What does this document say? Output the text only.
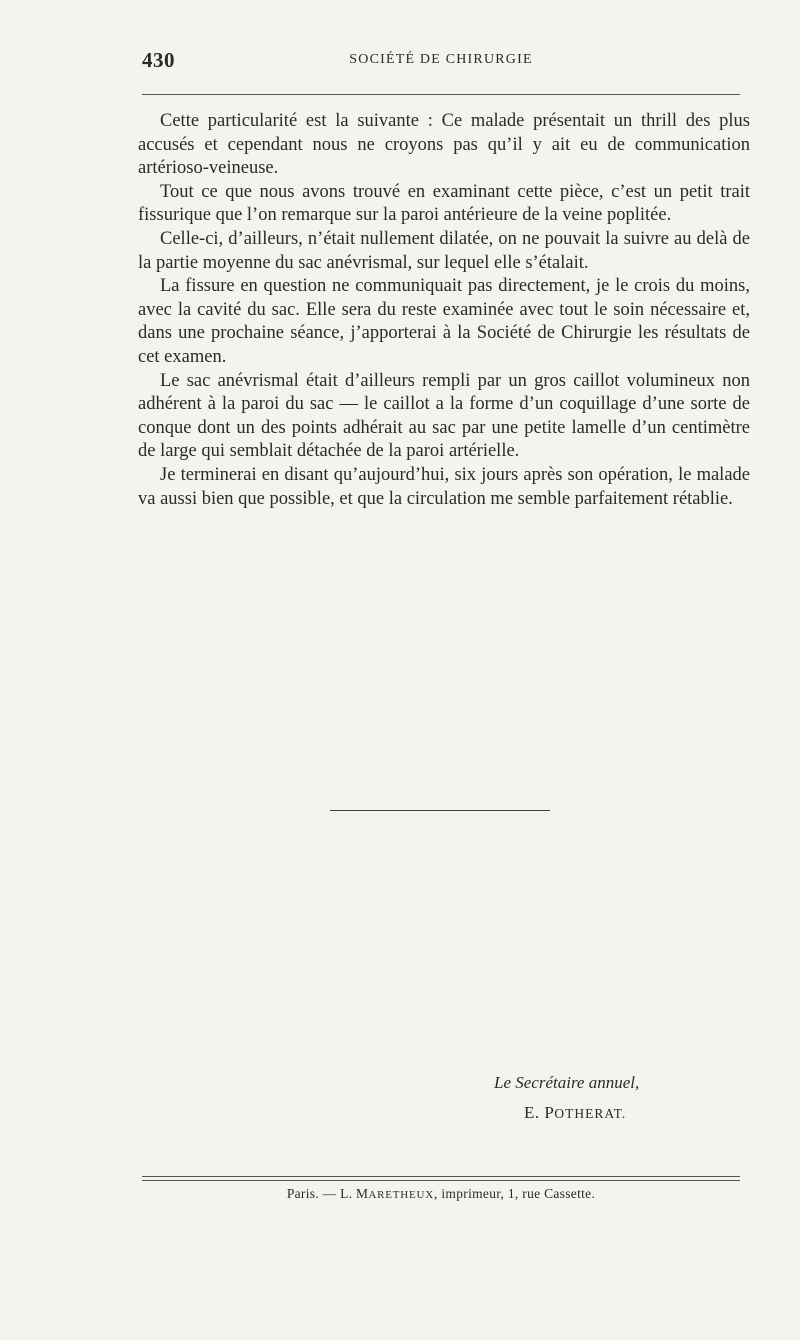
430	SOCIÉTÉ DE CHIRURGIE

Cette particularité est la suivante : Ce malade présentait un thrill des plus accusés et cependant nous ne croyons pas qu’il y ait eu de communication artérioso-veineuse.

Tout ce que nous avons trouvé en examinant cette pièce, c’est un petit trait fissurique que l’on remarque sur la paroi antérieure de la veine poplitée.

Celle-ci, d’ailleurs, n’était nullement dilatée, on ne pouvait la suivre au delà de la partie moyenne du sac anévrismal, sur lequel elle s’étalait.

La fissure en question ne communiquait pas directement, je le crois du moins, avec la cavité du sac. Elle sera du reste examinée avec tout le soin nécessaire et, dans une prochaine séance, j’apporterai à la Société de Chirurgie les résultats de cet examen.

Le sac anévrismal était d’ailleurs rempli par un gros caillot volumineux non adhérent à la paroi du sac — le caillot a la forme d’un coquillage d’une sorte de conque dont un des points adhérait au sac par une petite lamelle d’un centimètre de large qui semblait détachée de la paroi artérielle.

Je terminerai en disant qu’aujourd’hui, six jours après son opération, le malade va aussi bien que possible, et que la circulation me semble parfaitement rétablie.

Le Secrétaire annuel,
E. POTHERAT.
Paris. — L. MARETHEUX, imprimeur, 1, rue Cassette.
